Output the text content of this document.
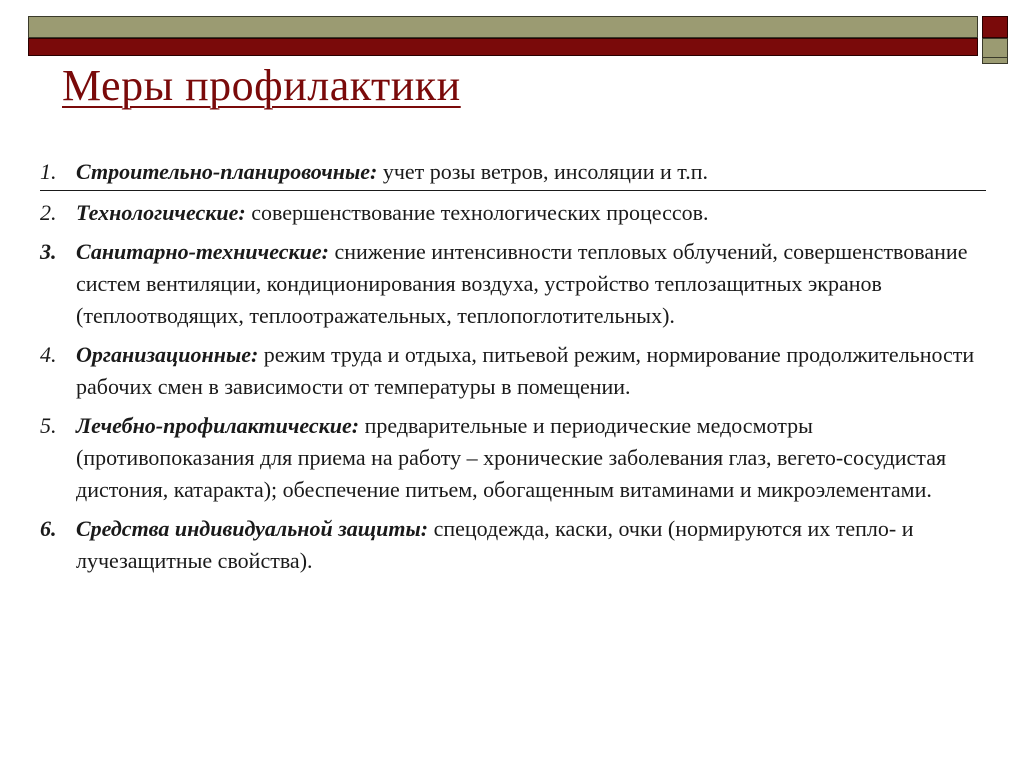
Меры профилактики

1. Строительно-планировочные: учет розы ветров, инсоляции и т.п.

2. Технологические: совершенствование технологических процессов.

3. Санитарно-технические: снижение интенсивности тепловых облучений, совершенствование систем вентиляции, кондиционирования воздуха, устройство теплозащитных экранов (теплоотводящих, теплоотражательных, теплопоглотительных).

4. Организационные: режим труда и отдыха, питьевой режим, нормирование продолжительности рабочих смен в зависимости от температуры в помещении.

5. Лечебно-профилактические: предварительные и периодические медосмотры (противопоказания для приема на работу – хронические заболевания глаз, вегето-сосудистая дистония, катаракта); обеспечение питьем, обогащенным витаминами и микроэлементами.

6. Средства индивидуальной защиты: спецодежда, каски, очки (нормируются их тепло- и лучезащитные свойства).
